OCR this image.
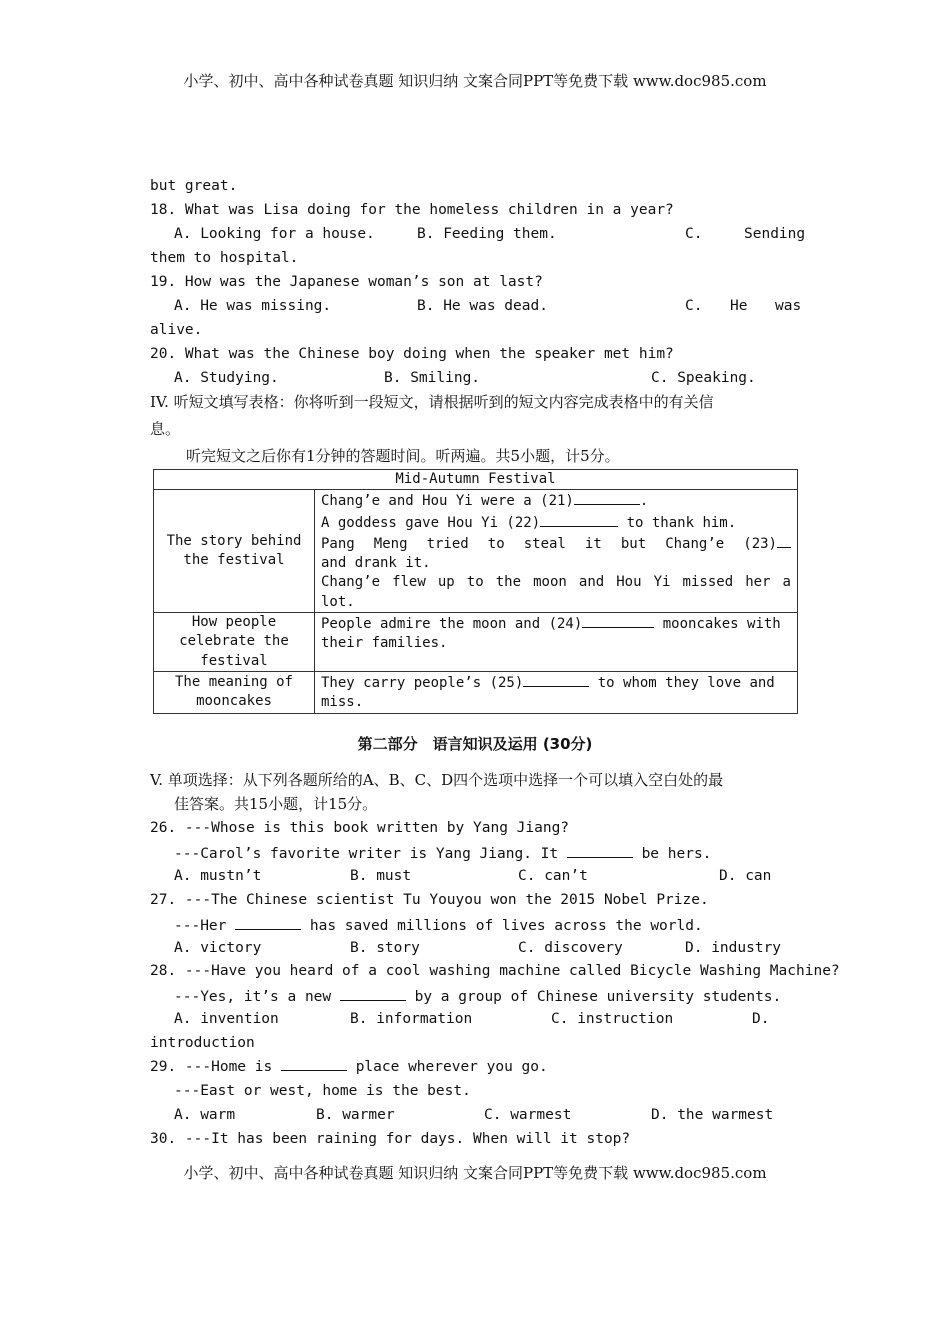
小学、初中、高中各种试卷真题 知识归纳 文案合同PPT等免费下载 www.doc985.com
but great.
18. What was Lisa doing for the homeless children in a year?
A. Looking for a house.	B. Feeding them.	C.	Sending
them to hospital.
19. How was the Japanese woman’s son at last?
A. He was missing.	B. He was dead.	C. He was
alive.
20. What was the Chinese boy doing when the speaker met him?
A. Studying.	B. Smiling.	C. Speaking.
IV. 听短文填写表格：你将听到一段短文，请根据听到的短文内容完成表格中的有关信
息。
听完短文之后你有1分钟的答题时间。听两遍。共5小题，计5分。
Mid-Autumn Festival	
The story behind the festival	Chang’e and Hou Yi were a (21) .
A goddess gave Hou Yi (22) to thank him.
Pang Meng tried to steal it but Chang’e (23)
and drank it.
Chang’e flew up to the moon and Hou Yi missed her a lot.

How people celebrate the festival	People admire the moon and (24) mooncakes with their families.
The meaning of mooncakes	They carry people’s (25) to whom they love and miss.
第二部分　语言知识及运用 (30分)
V. 单项选择：从下列各题所给的A、B、C、D四个选项中选择一个可以填入空白处的最
佳答案。共15小题，计15分。
26. ---Whose is this book written by Yang Jiang?
---Carol’s favorite writer is Yang Jiang. It	be hers.
A. mustn’t	B. must	C. can’t	D. can
27. ---The Chinese scientist Tu Youyou won the 2015 Nobel Prize.
---Her	has saved millions of lives across the world.
A. victory	B. story	C. discovery	D. industry
28. ---Have you heard of a cool washing machine called Bicycle Washing Machine?
---Yes, it’s a new	by a group of Chinese university students.
A. invention	B. information	C. instruction	D.
introduction
29. ---Home is	place wherever you go.
---East or west, home is the best.
A. warm	B. warmer	C. warmest	D. the warmest
30. ---It has been raining for days. When will it stop?
小学、初中、高中各种试卷真题 知识归纳 文案合同PPT等免费下载 www.doc985.com
